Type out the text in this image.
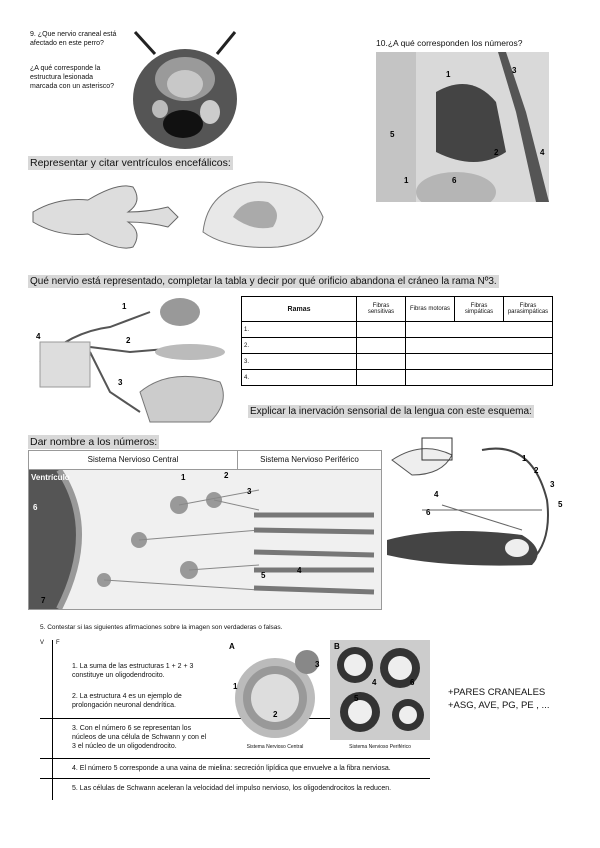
9. ¿Que nervio craneal está afectado en este perro?
¿A qué corresponde la estructura lesionada marcada con un asterisco?
10.¿A qué corresponden los números?
1	3
5
2	4
1	6
Representar y citar ventrículos encefálicos:
Qué nervio está representado, completar la tabla y decir por qué orificio abandona el cráneo la rama Nº3.
1
2
3
4
Ramas	Fibras sensitivas	Fibras motoras	Fibras simpáticas	Fibras parasimpáticas
1.				
2.				
3.				
4.				
Explicar la inervación sensorial de la lengua con este esquema:
1
2
3
4
5
6
Dar nombre a los números:
Sistema Nervioso Central	Sistema Nervioso Periférico
Ventrículo	1	2
3
4
5
6
7
5. Contestar si las siguientes afirmaciones sobre la imagen son verdaderas o falsas.
V	F
1. La suma de las estructuras 1 + 2 + 3 constituye un oligodendrocito.
2. La estructura 4 es un ejemplo de prolongación neuronal dendrítica.
3. Con el número 6 se representan los núcleos de una célula de Schwann y con el 3 el núcleo de un oligodendrocito.
4. El número 5 corresponde a una vaina de mielina: secreción lipídica que envuelve a la fibra nerviosa.
5. Las células de Schwann aceleran la velocidad del impulso nervioso, los oligodendrocitos la reducen.
A
1
2
3
Sistema Nervioso Central
B
4
5
6
Sistema Nervioso Periférico
+PARES CRANEALES
+ASG, AVE, PG, PE , ...
